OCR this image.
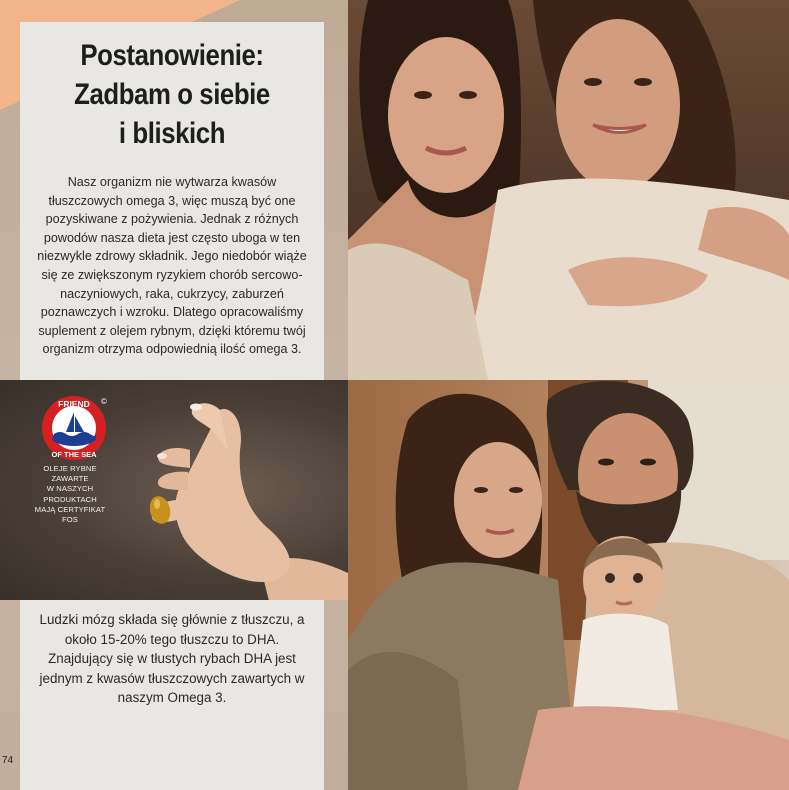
Postanowienie:
Zadbam o siebie
i bliskich

Nasz organizm nie wytwarza kwasów tłuszczowych omega 3, więc muszą być one pozyskiwane z pożywienia. Jednak z różnych powodów nasza dieta jest często uboga w ten niezwykle zdrowy składnik. Jego niedobór wiąże się ze zwiększonym ryzykiem chorób sercowo-naczyniowych, raka, cukrzycy, zaburzeń poznawczych i wzroku. Dlatego opracowaliśmy suplement z olejem rybnym, dzięki któremu twój organizm otrzyma odpowiednią ilość omega 3.

FRIEND
OF THE SEA
©
OLEJE RYBNE
ZAWARTE
W NASZYCH
PRODUKTACH
MAJĄ CERTYFIKAT
FOS

Ludzki mózg składa się głównie z tłuszczu, a około 15-20% tego tłuszczu to DHA. Znajdujący się w tłustych rybach DHA jest jednym z kwasów tłuszczowych zawartych w naszym Omega 3.

74
